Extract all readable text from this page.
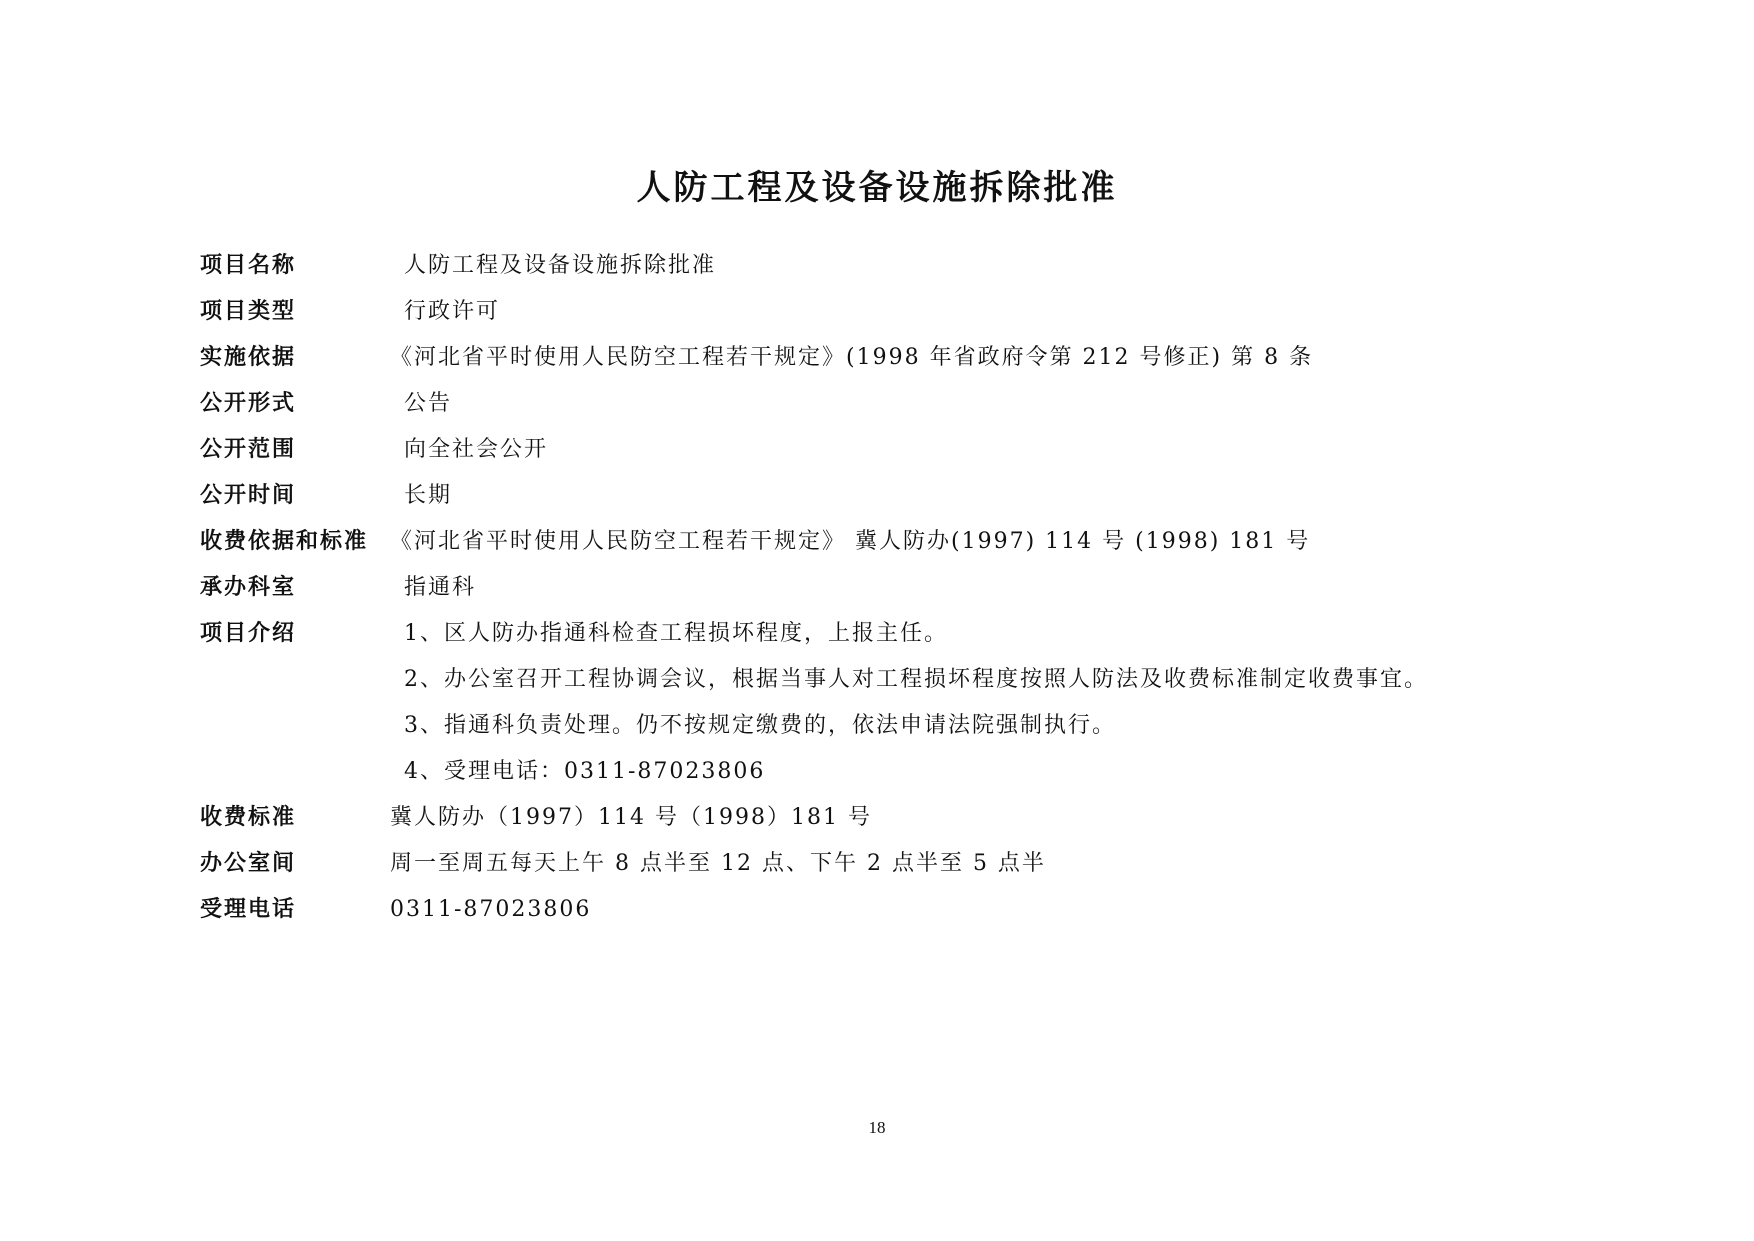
人防工程及设备设施拆除批准
项目名称	人防工程及设备设施拆除批准
项目类型	行政许可
实施依据	《河北省平时使用人民防空工程若干规定》(1998 年省政府令第 212 号修正) 第 8 条
公开形式	公告
公开范围	向全社会公开
公开时间	长期
收费依据和标准 《河北省平时使用人民防空工程若干规定》 冀人防办(1997) 114 号 (1998) 181 号
承办科室	指通科
项目介绍	1、区人防办指通科检查工程损坏程度，上报主任。
2、办公室召开工程协调会议，根据当事人对工程损坏程度按照人防法及收费标准制定收费事宜。
3、指通科负责处理。仍不按规定缴费的，依法申请法院强制执行。
4、受理电话：0311-87023806
收费标准	冀人防办（1997）114 号（1998）181 号
办公室间	周一至周五每天上午 8 点半至 12 点、下午 2 点半至 5 点半
受理电话	0311-87023806
18
